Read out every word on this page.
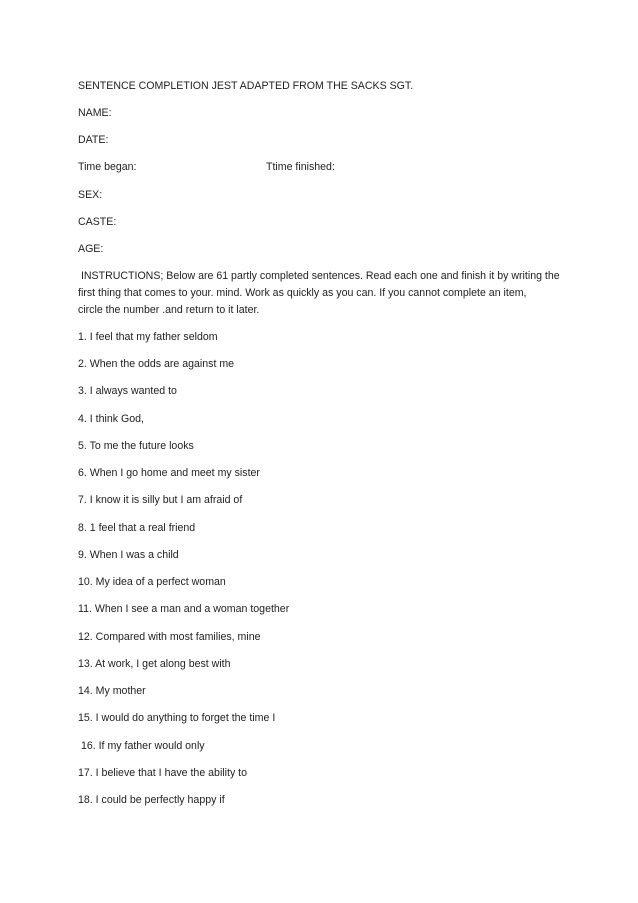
SENTENCE COMPLETION JEST ADAPTED FROM THE SACKS SGT.
NAME:
DATE:
Time began:	Ttime finished:
SEX:
CASTE:
AGE:
INSTRUCTIONS; Below are 61 partly completed sentences. Read each one and finish it by writing the
first thing that comes to your. mind. Work as quickly as you can. If you cannot complete an item,
circle the number .and return to it later.
1. I feel that my father seldom
2. When the odds are against me
3. I always wanted to
4. I think God,
5. To me the future looks
6. When I go home and meet my sister
7. I know it is silly but I am afraid of
8. 1 feel that a real friend
9. When I was a child
10. My idea of a perfect woman
11. When I see a man and a woman together
12. Compared with most families, mine
13. At work, I get along best with
14. My mother
15. I would do anything to forget the time I
16. If my father would only
17. I believe that I have the ability to
18. I could be perfectly happy if
